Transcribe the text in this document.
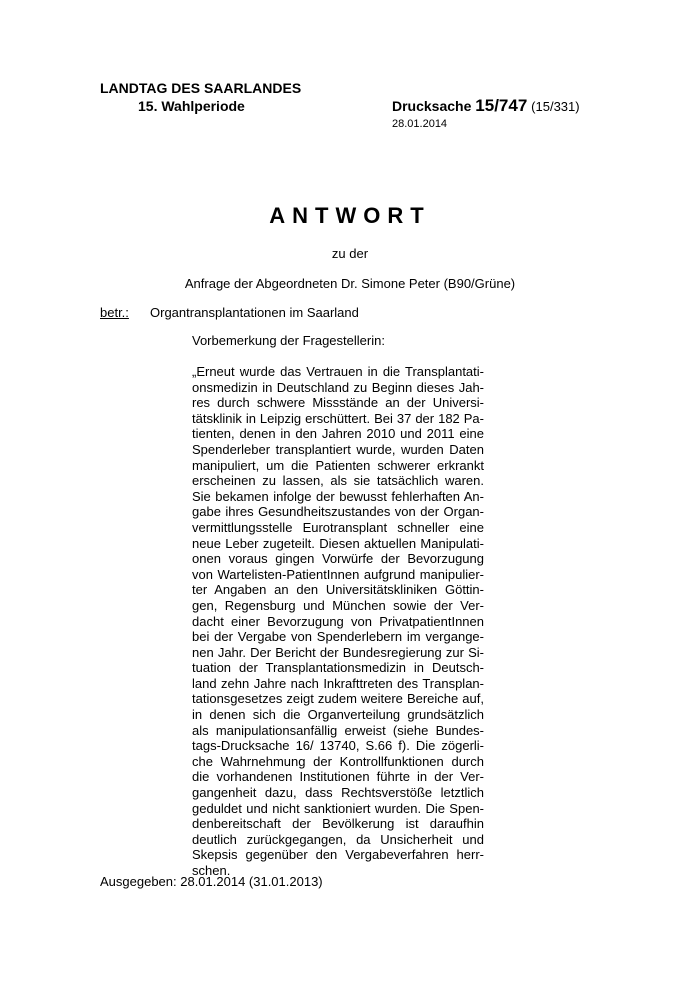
LANDTAG DES SAARLANDES
15. Wahlperiode	Drucksache 15/747 (15/331)
28.01.2014
ANTWORT
zu der
Anfrage der Abgeordneten Dr. Simone Peter (B90/Grüne)
betr.: Organtransplantationen im Saarland
Vorbemerkung der Fragestellerin:
„Erneut wurde das Vertrauen in die Transplantati-
onsmedizin in Deutschland zu Beginn dieses Jah-
res durch schwere Missstände an der Universi-
tätsklinik in Leipzig erschüttert. Bei 37 der 182 Pa-
tienten, denen in den Jahren 2010 und 2011 eine
Spenderleber transplantiert wurde, wurden Daten
manipuliert, um die Patienten schwerer erkrankt
erscheinen zu lassen, als sie tatsächlich waren.
Sie bekamen infolge der bewusst fehlerhaften An-
gabe ihres Gesundheitszustandes von der Organ-
vermittlungsstelle Eurotransplant schneller eine
neue Leber zugeteilt. Diesen aktuellen Manipulati-
onen voraus gingen Vorwürfe der Bevorzugung
von Wartelisten-PatientInnen aufgrund manipulier-
ter Angaben an den Universitätskliniken Göttin-
gen, Regensburg und München sowie der Ver-
dacht einer Bevorzugung von PrivatpatientInnen
bei der Vergabe von Spenderlebern im vergange-
nen Jahr. Der Bericht der Bundesregierung zur Si-
tuation der Transplantationsmedizin in Deutsch-
land zehn Jahre nach Inkrafttreten des Transplan-
tationsgesetzes zeigt zudem weitere Bereiche auf,
in denen sich die Organverteilung grundsätzlich
als manipulationsanfällig erweist (siehe Bundes-
tags-Drucksache 16/ 13740, S.66 f). Die zögerli-
che Wahrnehmung der Kontrollfunktionen durch
die vorhandenen Institutionen führte in der Ver-
gangenheit dazu, dass Rechtsverstöße letztlich
geduldet und nicht sanktioniert wurden. Die Spen-
denbereitschaft der Bevölkerung ist daraufhin
deutlich zurückgegangen, da Unsicherheit und
Skepsis gegenüber den Vergabeverfahren herr-
schen.
Ausgegeben: 28.01.2014 (31.01.2013)
